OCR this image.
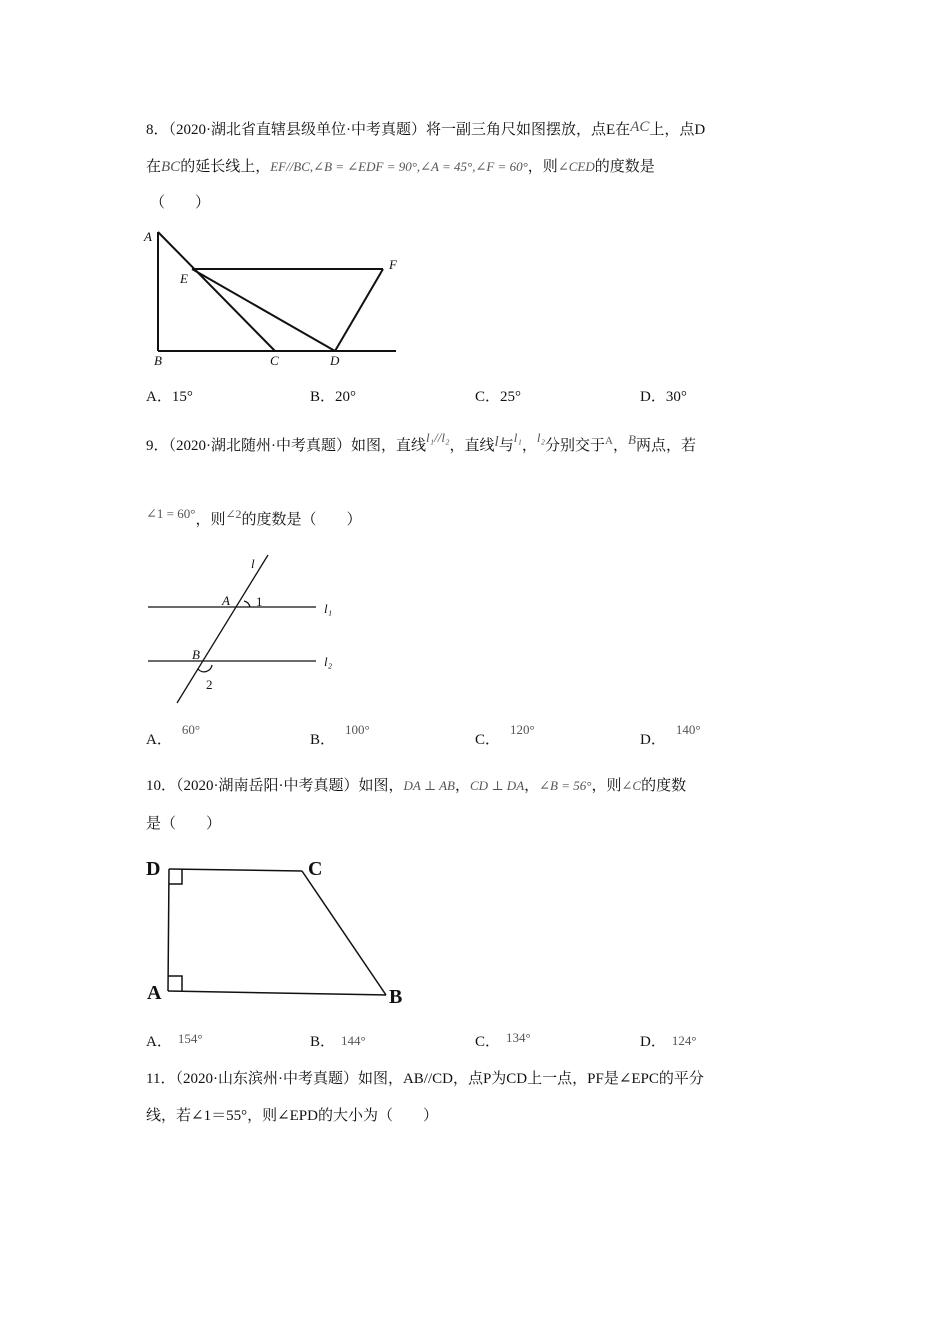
8．（2020·湖北省直辖县级单位·中考真题）将一副三角尺如图摆放，点E在AC上，点D
在BC的延长线上，EF//BC,∠B = ∠EDF = 90°,∠A = 45°,∠F = 60°，则∠CED的度数是
（　　）
A
E
F
B	C	D
A．15°	B．20°	C．25°	D．30°
9．（2020·湖北随州·中考真题）如图，直线l₁//l₂，直线l与l₁，l₂分别交于$^A$，B两点，若
∠1 = 60°，则$^{\angle 2}$的度数是（　　）
l
A 1	l₁
B
2
l₂
A．60°
B．100°
C．120°
D．140°
10．（2020·湖南岳阳·中考真题）如图，DA ⊥ AB，CD ⊥ DA，∠B = 56°，则∠C的度数
是（　　）
D	C
A	B
A． 154°	B． 144°	C． 134°	D． 124°
11．（2020·山东滨州·中考真题）如图，AB//CD，点P为CD上一点，PF是∠EPC的平分
线，若∠1＝55°，则∠EPD的大小为（　　）
